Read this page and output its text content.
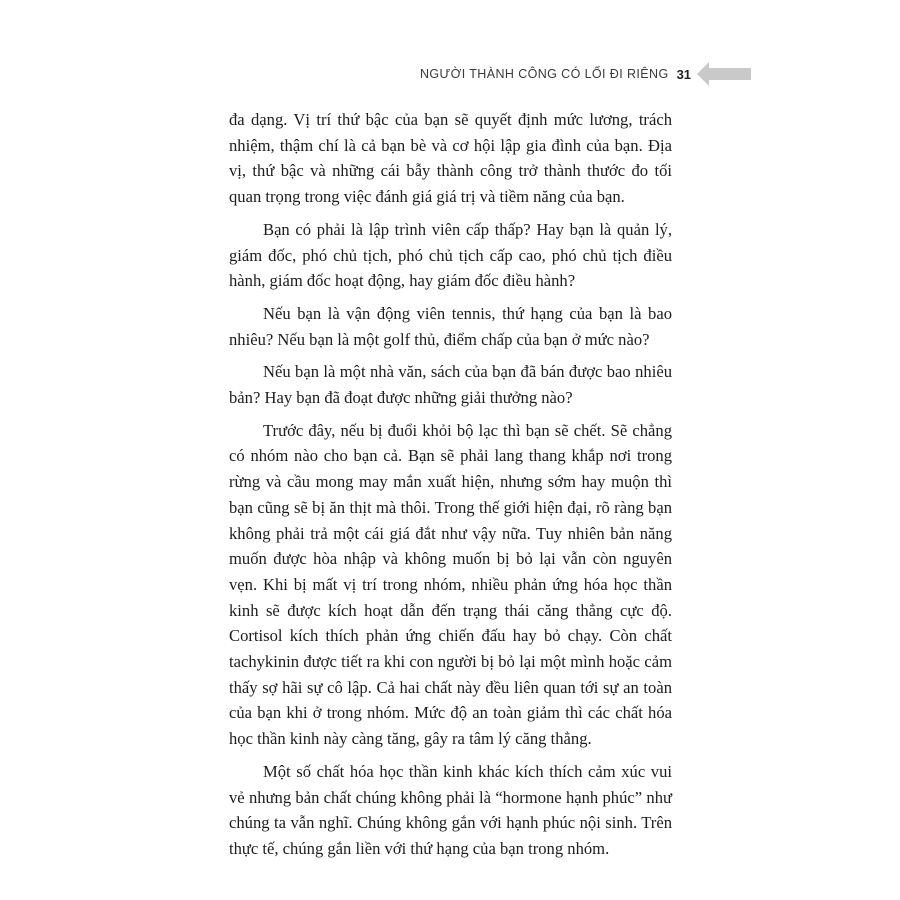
NGƯỜI THÀNH CÔNG CÓ LỐI ĐI RIÊNG 31

đa dạng. Vị trí thứ bậc của bạn sẽ quyết định mức lương, trách nhiệm, thậm chí là cả bạn bè và cơ hội lập gia đình của bạn. Địa vị, thứ bậc và những cái bẫy thành công trở thành thước đo tối quan trọng trong việc đánh giá giá trị và tiềm năng của bạn.

Bạn có phải là lập trình viên cấp thấp? Hay bạn là quản lý, giám đốc, phó chủ tịch, phó chủ tịch cấp cao, phó chủ tịch điều hành, giám đốc hoạt động, hay giám đốc điều hành?

Nếu bạn là vận động viên tennis, thứ hạng của bạn là bao nhiêu? Nếu bạn là một golf thủ, điểm chấp của bạn ở mức nào?

Nếu bạn là một nhà văn, sách của bạn đã bán được bao nhiêu bản? Hay bạn đã đoạt được những giải thưởng nào?

Trước đây, nếu bị đuổi khỏi bộ lạc thì bạn sẽ chết. Sẽ chẳng có nhóm nào cho bạn cả. Bạn sẽ phải lang thang khắp nơi trong rừng và cầu mong may mắn xuất hiện, nhưng sớm hay muộn thì bạn cũng sẽ bị ăn thịt mà thôi. Trong thế giới hiện đại, rõ ràng bạn không phải trả một cái giá đắt như vậy nữa. Tuy nhiên bản năng muốn được hòa nhập và không muốn bị bỏ lại vẫn còn nguyên vẹn. Khi bị mất vị trí trong nhóm, nhiều phản ứng hóa học thần kinh sẽ được kích hoạt dẫn đến trạng thái căng thẳng cực độ. Cortisol kích thích phản ứng chiến đấu hay bỏ chạy. Còn chất tachykinin được tiết ra khi con người bị bỏ lại một mình hoặc cảm thấy sợ hãi sự cô lập. Cả hai chất này đều liên quan tới sự an toàn của bạn khi ở trong nhóm. Mức độ an toàn giảm thì các chất hóa học thần kinh này càng tăng, gây ra tâm lý căng thẳng.

Một số chất hóa học thần kinh khác kích thích cảm xúc vui vẻ nhưng bản chất chúng không phải là “hormone hạnh phúc” như chúng ta vẫn nghĩ. Chúng không gắn với hạnh phúc nội sinh. Trên thực tế, chúng gắn liền với thứ hạng của bạn trong nhóm.
